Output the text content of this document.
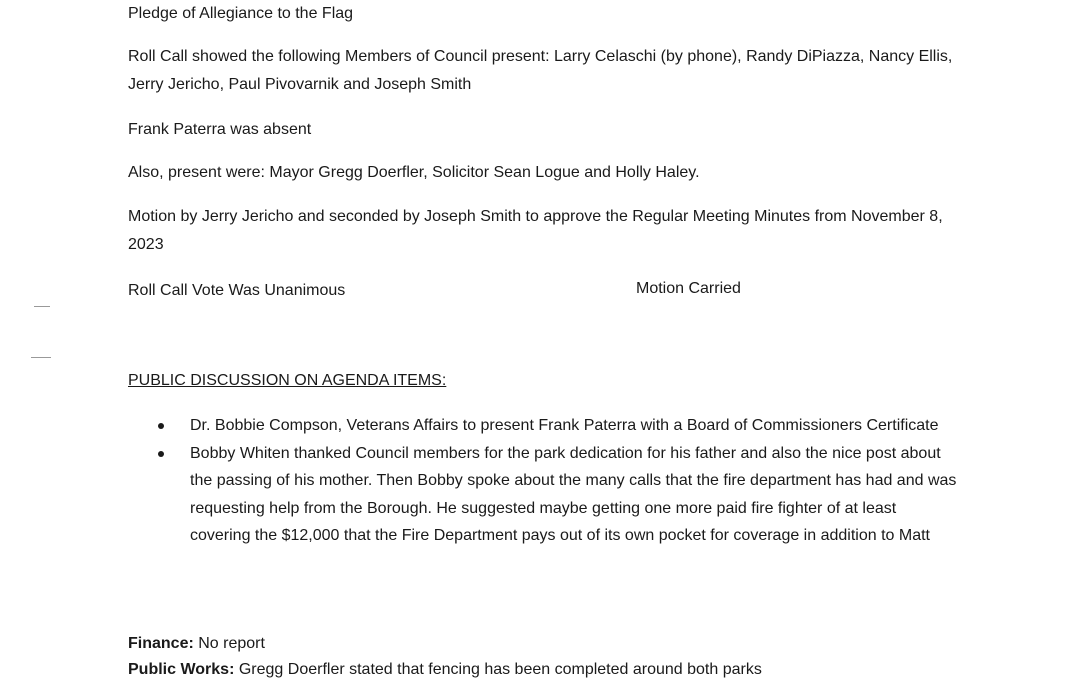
Pledge of Allegiance to the Flag
Roll Call showed the following Members of Council present: Larry Celaschi (by phone), Randy DiPiazza, Nancy Ellis, Jerry Jericho, Paul Pivovarnik and Joseph Smith
Frank Paterra was absent
Also, present were: Mayor Gregg Doerfler, Solicitor Sean Logue and Holly Haley.
Motion by Jerry Jericho and seconded by Joseph Smith to approve the Regular Meeting Minutes from November 8, 2023
Roll Call Vote Was Unanimous	Motion Carried
PUBLIC DISCUSSION ON AGENDA ITEMS:
Dr. Bobbie Compson, Veterans Affairs to present Frank Paterra with a Board of Commissioners Certificate
Bobby Whiten thanked Council members for the park dedication for his father and also the nice post about the passing of his mother. Then Bobby spoke about the many calls that the fire department has had and was requesting help from the Borough. He suggested maybe getting one more paid fire fighter of at least covering the $12,000 that the Fire Department pays out of its own pocket for coverage in addition to Matt
Finance: No report
Public Works: Gregg Doerfler stated that fencing has been completed around both parks
